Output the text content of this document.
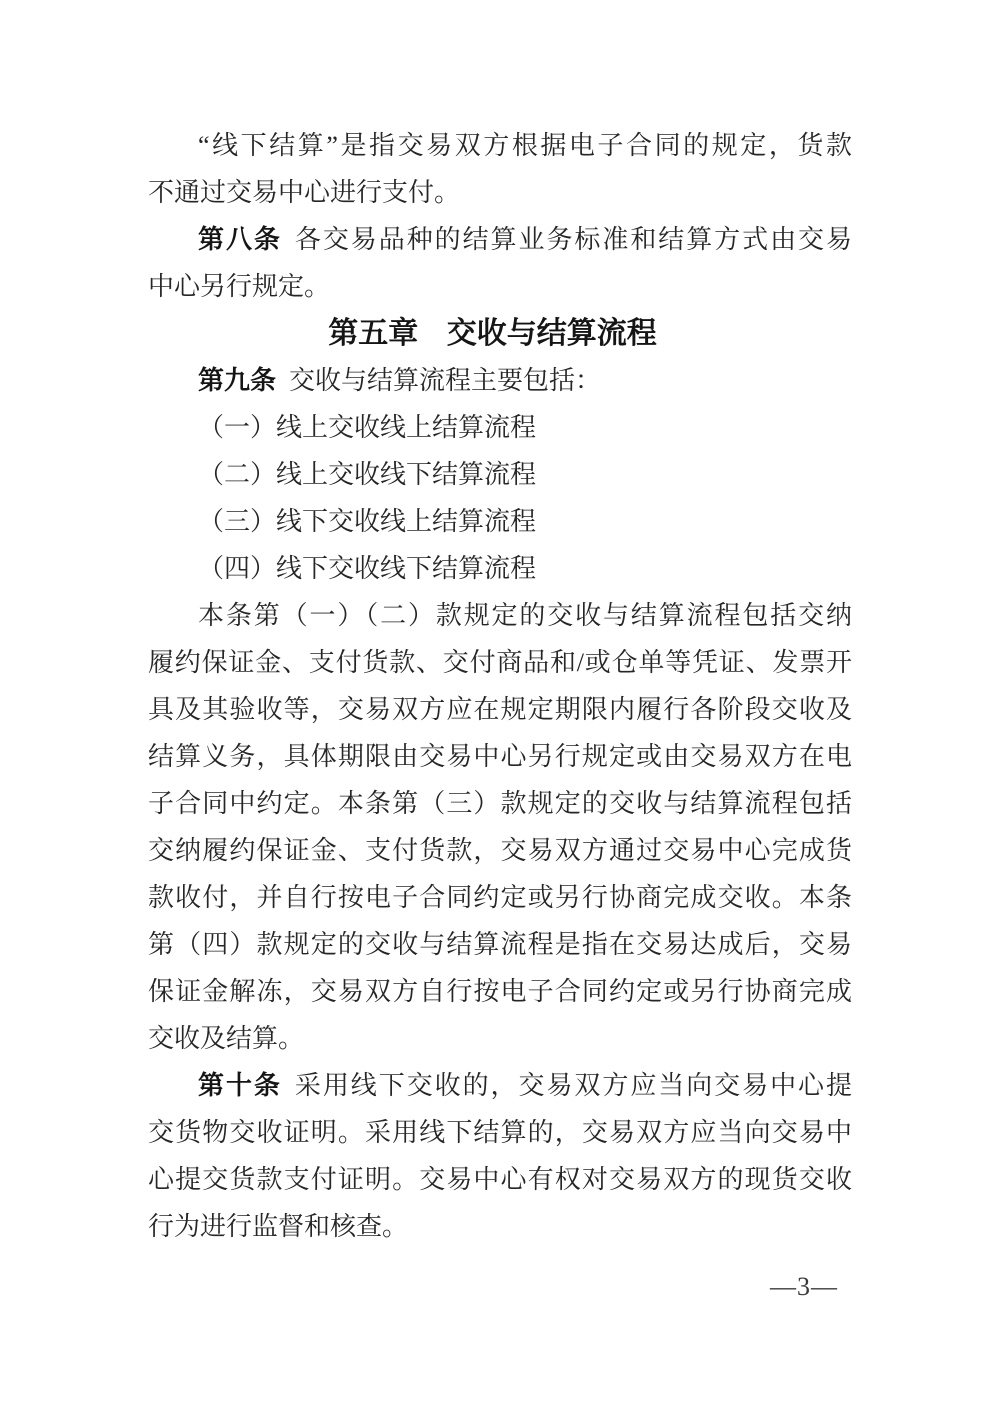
“线下结算”是指交易双方根据电子合同的规定，货款
不通过交易中心进行支付。
第八条 各交易品种的结算业务标准和结算方式由交易
中心另行规定。
第五章 交收与结算流程
第九条 交收与结算流程主要包括：
（一）线上交收线上结算流程
（二）线上交收线下结算流程
（三）线下交收线上结算流程
（四）线下交收线下结算流程
本条第（一）（二）款规定的交收与结算流程包括交纳
履约保证金、支付货款、交付商品和/或仓单等凭证、发票开
具及其验收等，交易双方应在规定期限内履行各阶段交收及
结算义务，具体期限由交易中心另行规定或由交易双方在电
子合同中约定。本条第（三）款规定的交收与结算流程包括
交纳履约保证金、支付货款，交易双方通过交易中心完成货
款收付，并自行按电子合同约定或另行协商完成交收。本条
第（四）款规定的交收与结算流程是指在交易达成后，交易
保证金解冻，交易双方自行按电子合同约定或另行协商完成
交收及结算。
第十条 采用线下交收的，交易双方应当向交易中心提
交货物交收证明。采用线下结算的，交易双方应当向交易中
心提交货款支付证明。交易中心有权对交易双方的现货交收
行为进行监督和核查。
—3—
